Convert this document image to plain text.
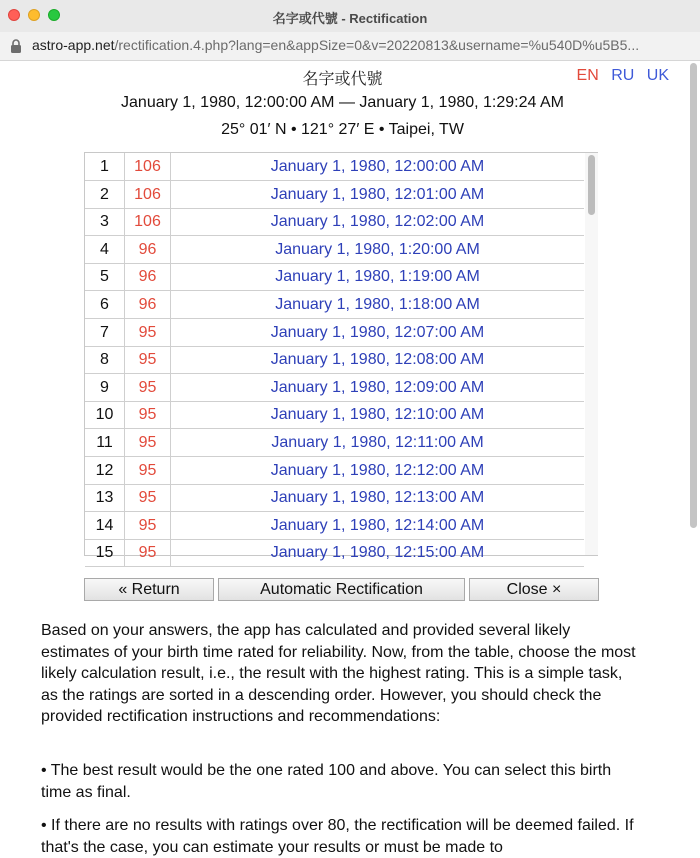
名字或代號 - Rectification
astro-app.net/rectification.4.php?lang=en&appSize=0&v=20220813&username=%u540D%u5B5...
名字或代號	EN RU UK
January 1, 1980, 12:00:00 AM — January 1, 1980, 1:29:24 AM
25° 01′ N • 121° 27′ E • Taipei, TW
1	106	January 1, 1980, 12:00:00 AM
2	106	January 1, 1980, 12:01:00 AM
3	106	January 1, 1980, 12:02:00 AM
4	96	January 1, 1980, 1:20:00 AM
5	96	January 1, 1980, 1:19:00 AM
6	96	January 1, 1980, 1:18:00 AM
7	95	January 1, 1980, 12:07:00 AM
8	95	January 1, 1980, 12:08:00 AM
9	95	January 1, 1980, 12:09:00 AM
10	95	January 1, 1980, 12:10:00 AM
11	95	January 1, 1980, 12:11:00 AM
12	95	January 1, 1980, 12:12:00 AM
13	95	January 1, 1980, 12:13:00 AM
14	95	January 1, 1980, 12:14:00 AM
15	95	January 1, 1980, 12:15:00 AM
« Return	Automatic Rectification	Close ×

Based on your answers, the app has calculated and provided several likely estimates of your birth time rated for reliability. Now, from the table, choose the most likely calculation result, i.e., the result with the highest rating. This is a simple task, as the ratings are sorted in a descending order. However, you should check the provided rectification instructions and recommendations:

• The best result would be the one rated 100 and above. You can select this birth time as final.

• If there are no results with ratings over 80, the rectification will be deemed failed. If that's the case, you can estimate your results or must be made to
